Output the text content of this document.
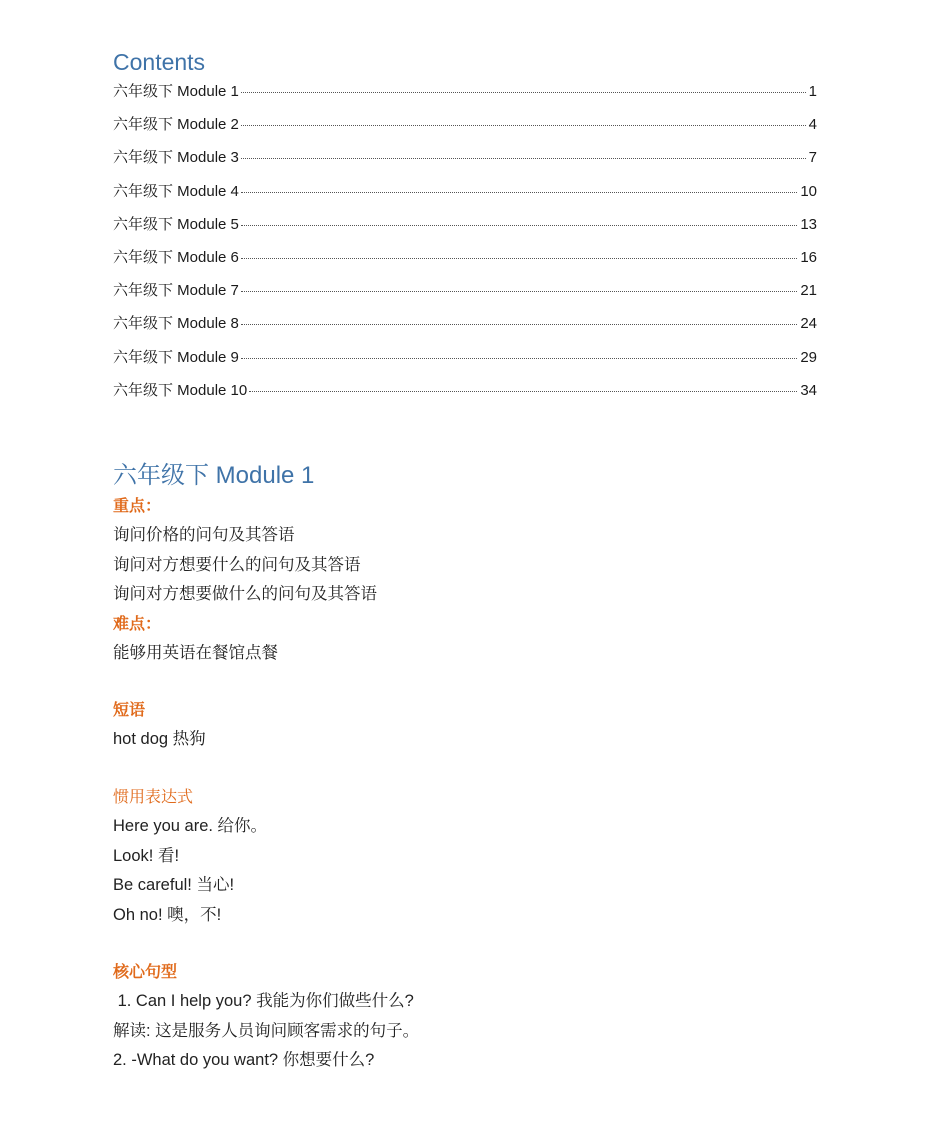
Contents
六年级下 Module 1	1
六年级下 Module 2	4
六年级下 Module 3	7
六年级下 Module 4	10
六年级下 Module 5	13
六年级下 Module 6	16
六年级下 Module 7	21
六年级下 Module 8	24
六年级下 Module 9	29
六年级下 Module 10	34
六年级下 Module 1
重点：
询问价格的问句及其答语
询问对方想要什么的问句及其答语
询问对方想要做什么的问句及其答语
难点：
能够用英语在餐馆点餐
短语
hot dog 热狗
惯用表达式
Here you are. 给你。
Look! 看!
Be careful! 当心!
Oh no! 噢，不!
核心句型
1. Can I help you? 我能为你们做些什么?
解读: 这是服务人员询问顾客需求的句子。
2. -What do you want? 你想要什么?
